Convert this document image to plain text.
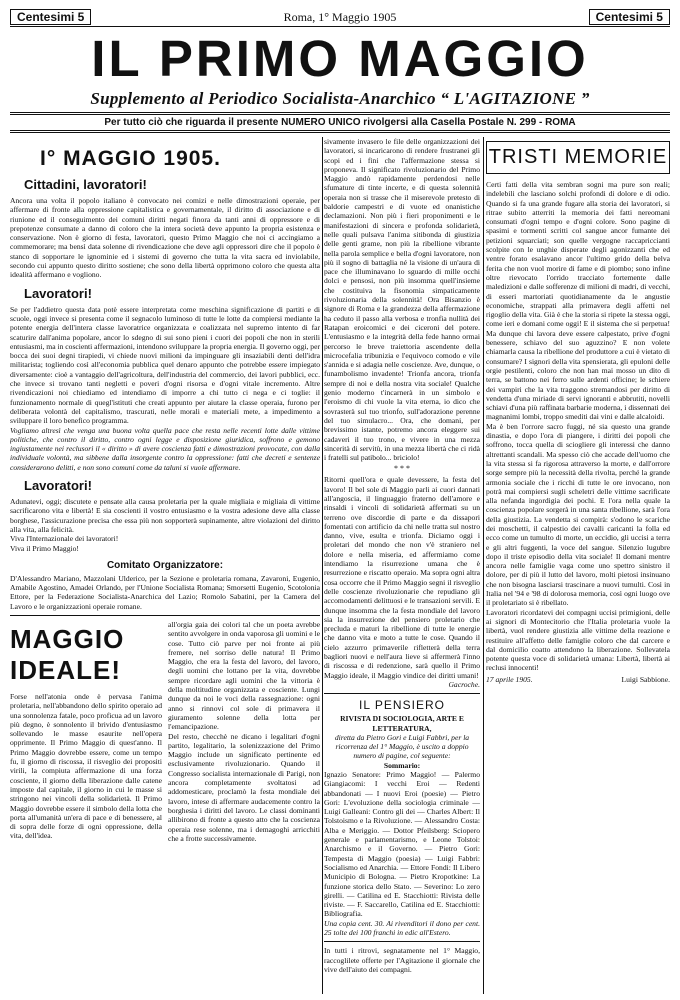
Centesimi 5	Roma, 1° Maggio 1905	Centesimi 5
IL PRIMO MAGGIO
Supplemento al Periodico Socialista-Anarchico “ L'AGITAZIONE ”
Per tutto ciò che riguarda il presente NUMERO UNICO rivolgersi alla Casella Postale N. 299 - ROMA
I° MAGGIO 1905.
Cittadini, lavoratori!

Ancora una volta il popolo italiano è convocato nei comizi e nelle dimostrazioni operaie, per affermare di fronte alla oppressione capitalistica e governamentale, il diritto di associazione e di riunione ed il conseguimento dei comuni diritti negati finora da tanti anni di oppressore e di prepotenze consumate a danno di coloro che la intera società deve appunto la propria esistenza e conservazione. Non è giorno di festa, lavoratori, questo Primo Maggio che noi ci accingiamo a commemorare; ma bensì data solenne di rivendicazione che deve agli oppressori dire che il popolo è stanco di sopportare le ignominie ed i sistemi di governo che tutta la vita sacra ed inviolabile, secondo cui appunto questo diritto sostiene; che sono della libertà opprimono coloro che questa alta idealità affermano e vogliono.

Lavoratori!

Se per l'addietro questa data potè essere interpretata come meschina significazione di partiti e di scuole, oggi invece si presenta come il segnacolo luminoso di tutte le lotte da compiersi mediante la potente energia dell'intera classe lavoratrice organizzata e coalizzata nel supremo intento di far scaturire dall'anima popolare, ancor lo sdegno di sui sono pieni i cuori dei popoli che non in sterili entusiasmi, ma in coscienti affermazioni, intendono sviluppare la propria energia. Il governo oggi, per bocca dei suoi degni tirapiedi, vi chiede nuovi milioni da impinguare gli insaziabili denti dell'idra militarista; togliendo così all'economia pubblica quel denaro appunto che potrebbe essere impiegato diversamente: cioè a vantaggio dell'agricoltura, dell'industria del commercio, dei lavori pubblici, ecc. che invece si trovano tanti negletti e poveri d'ogni risorsa e d'ogni vitale incremento. Altre rivendicazioni noi chiediamo ed intendiamo di imporre a chi tutto ci nega e ci toglie: il funzionamento normale di quegl'istituti che creati appunto per aiutare la classe operaia, furono per deliberata volontà del capitalismo, trascurati, nelle morali e materiali mete, a impedimento a sviluppare il loro benefico programma.

Vogliamo altresì che venga una buona volta quella pace che resta nelle recenti lotte dalle vittime politiche, che contro il diritto, contro ogni legge e disposizione giuridica, soffrono e gemono ingiustamente nei reclusori il « diritto » di avere coscienza fatti e dimostrazioni provocate, con dalla individuale volontà, ma sibbene dalla insorgente contro la oppressione: fatti che decreti e sentenze considerarono delitti, e non sono comuni come da taluni si vuole affermare.

Lavoratori!

Adunatevi, oggi; discutete e pensate alla causa proletaria per la quale migliaia e migliaia di vittime sacrificarono vita e libertà! E sia coscienti il vostro entusiasmo e la vostra adesione deve alla classe borghese, l'assicurazione precisa che essa più non sopporterà supinamente, altre violazioni del diritto alla vita, alla felicità.

Viva l'Internazionale dei lavoratori!

Viva il Primo Maggio!

Comitato Organizzatore:

D'Alessandro Mariano, Mazzolani Ulderico, per la Sezione e proletaria romana, Zavaroni, Eugenio, Amabile Agostino, Amadei Orlando, per l'Unione Socialista Romana; Smorsetti Eugenio, Scotolonia Ettore, per la Federazione Socialista-Anarchica del Lazio; Romolo Sabatini, per la Camera del Lavoro e le organizzazioni operaie romane.

MAGGIO IDEALE!

Forse nell'atonia onde è pervasa l'anima proletaria, nell'abbandono dello spirito operaio ad una sonnolenza fatale, poco proficua ad un lavoro più degno, è sonnolento il brivido d'entusiasmo sollevando le masse esaurite nell'opera opprimente. Il Primo Maggio di quest'anno. Il Primo Maggio dovrebbe essere, come un tempo fu, il giorno di riscossa, il risveglio dei propositi virili, la compiuta affermazione di una forza cosciente, il giorno della liberazione dalle catene imposte dal capitale, il giorno in cui le masse si stringono nei vincoli della solidarietà. Il Primo Maggio dovrebbe essere il simbolo della lotta che porta all'umanità un'era di pace e di benessere, al di sopra delle forze di ogni oppressione, della vita, dell'idea.

all'orgia gaia dei colori tal che un poeta avrebbe sentito avvolgere in onda vaporosa gli uomini e le cose. Tutto ciò parve per noi fronte ai più fremere, nel sorriso delle natura! Il Primo Maggio, che era la festa del lavoro, del lavoro, degli uomini che lottano per la vita, dovrebbe sempre ricordare agli uomini che la vittoria è della moltitudine organizzata e cosciente. Lungi dunque da noi le voci della rassegnazione: ogni anno si rinnovi col sole di primavera il giuramento solenne della lotta per l'emancipazione.

Del resto, checchè ne dicano i legalitari d'ogni partito, legalitario, la solenizzazione del Primo Maggio include un significato pertinente ed esclusivamente rivoluzionario. Quando il Congresso socialista internazionale di Parigi, non ancora completamente svoltatosi ad addomesticare, proclamò la festa mondiale dei lavoro, intese di affermare audacemente contro la borghesia i diritti del lavoro. Le classi dominanti allibirono di fronte a questo atto che la coscienza operaia rese solenne, ma i demagoghi arricchiti che a frotte successivamente.

sivamente invasero le file delle organizzazioni dei lavoratori, si incaricarono di rendere frustranei gli scopi ed i fini che l'affermazione stessa si proponeva. Il significato rivoluzionario del Primo Maggio andò rapidamente perdendosi nelle sfumature di tinte incerte, e di questa solennità operaia non si trasse che il miserevole pretesto di baldorie campestri e di vuote ed onanistiche declamazioni. Non più i fieri proponimenti e le manifestazioni di sincera e profonda solidarietà, nelle quali pulsava l'anima sitibonda di giustizia delle genti grame, non più la ribellione vibrante nella parola semplice e bella d'ogni lavoratore, non più il sogno di battaglia né la visione di un'aura di pace che illuminavano lo sguardo di mille occhi dolci e pensosi, non più insomma quell'insieme che costituiva la fisonomia simpaticamente rivoluzionaria della solennità! Ora Bisanzio è signore di Roma e la grandezza della affermazione ha ceduto il passo alla verbosa e tronfia nullità dei Ratapan eroicomici e dei ciceroni del potere. L'entusiasmo e la integrità della fede hanno ormai percorso le breve traiettoria ascendente della microcefalia tribunizia e l'equivoco comodo e vile s'annida e si adagia nelle coscienze. Ave, dunque, o funambolismo invadente! Trionfa ancora, trionfa sempre di noi e della nostra vita sociale! Qualche genio moderno t'incarnerà in un simbolo e l'eroismo di chi vuole la vita eterna, io dico che sovrasterà sul tuo trionfo, sull'adorazione perenne del tuo simulacro... Ora, che domani, per brevissimo istante, potremo ancora eleggere sui cadaveri il tuo trono, e vivere in una mezza sincerità di servitù, in una mezza libertà che ci ridà i fratelli sul patibolo... briciolo!

* * *

Ritorni quell'ora e quale devessere, la festa del lavoro! Il bel sole di Maggio parli ai cuori dannati all'angoscia, il linguaggio fraterno dell'amore e rinsaldi i vincoli di solidarietà affermati su un terreno ove discordie di parte e da dissapori fomentati con artificio da chi nelle tratta sul nostro danno, vive, esulta e trionfa. Diciamo oggi i proletari del mondo che non v'è straniero nel dolore e nella miseria, ed affermiamo come intendiamo la risurrezione umana che è resurrezione e riscatto operaio. Ma sopra ogni altra cosa occorre che il Primo Maggio segni il risveglio delle coscienze rivoluzionarie che repudiano gli accomodamenti delittuosi e le transazioni servili. E dunque insomma che la festa mondiale del lavoro sia la insurrezione del pensiero proletario che precluda e maturi la ribellione di tutte le energie che danno vita e moto a tutte le cose. Quando il cielo azzurro primaverile rifletterà della terra bagliori nuovi e nell'aura lieve si affermerà l'inno di riscossa e di redenzione, sarà quello il Primo Maggio ideale, il Maggio vindice dei diritti umani!

Gacroche.

IL PENSIERO

RIVISTA DI SOCIOLOGIA, ARTE E LETTERATURA,

diretta da Pietro Gori e Luigi Fabbri, per la ricorrenza del 1° Maggio, è uscito a doppio numero di pagine, col seguente:

Sommario:

Ignazio Senatore: Primo Maggio! — Palermo Giangiacomi: I vecchi Eroi — Redenti abbandonati — I nuovi Eroi (poesie) — Pietro Gori: L'evoluzione della sociologia criminale — Luigi Galleani: Contro gli dei — Charles Albert: Il Tolstoismo e la Rivoluzione. — Alessandro Costa: Alba e Meriggio. — Dottor Pfeilsberg: Sciopero generale e parlamentarismo, e Leone Tolstoi: Anarchismo e il Governo. — Pietro Gori: Tempesta di Maggio (poesia) — Luigi Fabbri: Socialismo ed Anarchia. — Ettore Fondi: Il Libero Municipio di Bologna. — Pietro Kropotkine: La funzione storica dello Stato. — Severino: Lo zero girelli. — Catilina ed E. Stacchiotti: Rivista delle riviste. — F. Saccarello, Catilina ed E. Stacchiotti: Bibliografia.

Una copia cent. 30. Ai rivenditori il dono per cent. 25 tolte dei 100 franchi in edic all'Estero.

In tutti i ritrovi, segnatamente nel 1° Maggio, raccoglilete offerte per l'Agitazione il giornale che vive dell'aiuto dei compagni.

TRISTI MEMORIE

Certi fatti della vita sembran sogni ma pure son reali; indelebili che lasciano solchi profondi di dolore e di odio. Quando si fa una grande fugare alla storia dei lavoratori, si ritrae subito atterriti la memoria dei fatti nereomani consumati d'ogni tempo e d'ogni colore. Sono pagine di spasimi e tormenti scritti col sangue ancor fumante dei petizioni squarciati; son quelle vergogne raccapriccianti scolpite con le unghie disperate degli agonizzanti che ed ventre forato esalavano ancor l'ultimo grido della belva ferita che non vuol morire di fame e di piombo; sono infine oltre rievocato l'orrido tracciato fortemente dalle maledizioni e dalle sofferenze di milioni di madri, di vecchi, di esseri martoriati quotidianamente da le angustie economiche, strappati alla primavera degli affetti nel rigoglio della vita. Già è che la storia si ripete la stessa oggi, come ieri e domani come oggi! E il sistema che si perpetua! Ma dunque chi lavora deve essere calpestato, prive d'ogni benessere, schiavo del suo aguzzino? E non volete chiamarla causa la ribellione del produttore a cui è vietato di consumare? I signori della vita spensierata, gli epuloni delle orgie pestilenti, coloro che non han mai mosso un dito di terra, se battono nei ferro sulle ardenti officine; le schiere dei vampiri che la vita traggono stremandosi per diritto di vendetta d'una miriade di servi ignoranti e abbrutiti, novelli schiavi d'una più raffinata barbarie moderna, i dissennati dei magnanimi lombi, troppo smediti dai vini e dalle alcaloidi.

Ma è ben l'orrore sacro fuggi, né sia questo una grande dinastia, e dopo l'ora di piangere, i diritti dei popoli che soffrono, tocca quella di sciogliere gli interessi che danno altrettanti scandali. Ma spesso ciò che accade dell'uomo che la vita stessa si fa rigorosa attraverso la morte, e dall'orrore sorge sempre più la necessità della rivolta, perché la grande armonia sociale che i ricchi di tutte le ore invocano, non potrà mai compiersi sugli scheletri delle vittime sacrificate alla nefanda ingordigia dei pochi. E l'ora nella quale la coscienza popolare sorgerà in una santa ribellione, sarà l'ora della giustizia. La vendetta si compirà: s'odono le scariche dei moschetti, il calpestio dei cavalli caricanti la folla ed ecco come un tumulto di morte, un eccidio, gli uccisi a terra e gli altri fuggenti, la voce del sangue. Silenzio lugubre dopo il triste episodio della vita sociale! Il domani mentre ancora nelle famiglie vaga come uno spettro sinistro il dolore, per di più il lutto del lavoro, molti pietosi insinuano che non bisogna lasciarsi trascinare a nuovi tumulti. Così in Italia nel '94 e '98 di dolorosa memoria, così ogni luogo ove il proletariato si è ribellato.

Lavoratori ricordatevi dei compagni uccisi primigioni, delle ai signori di Montecitorio che l'Italia proletaria vuole la libertà, vuol rendere giustizia alle vittime della reazione e restituire all'affetto delle famiglie coloro che dal carcere e dal domicilio coatto attendono la liberazione. Sollevatela potente questa voce di solidarietà umana: Libertà, libertà ai reclusi innocenti!

17 aprile 1905.	Luigi Sabbione.
